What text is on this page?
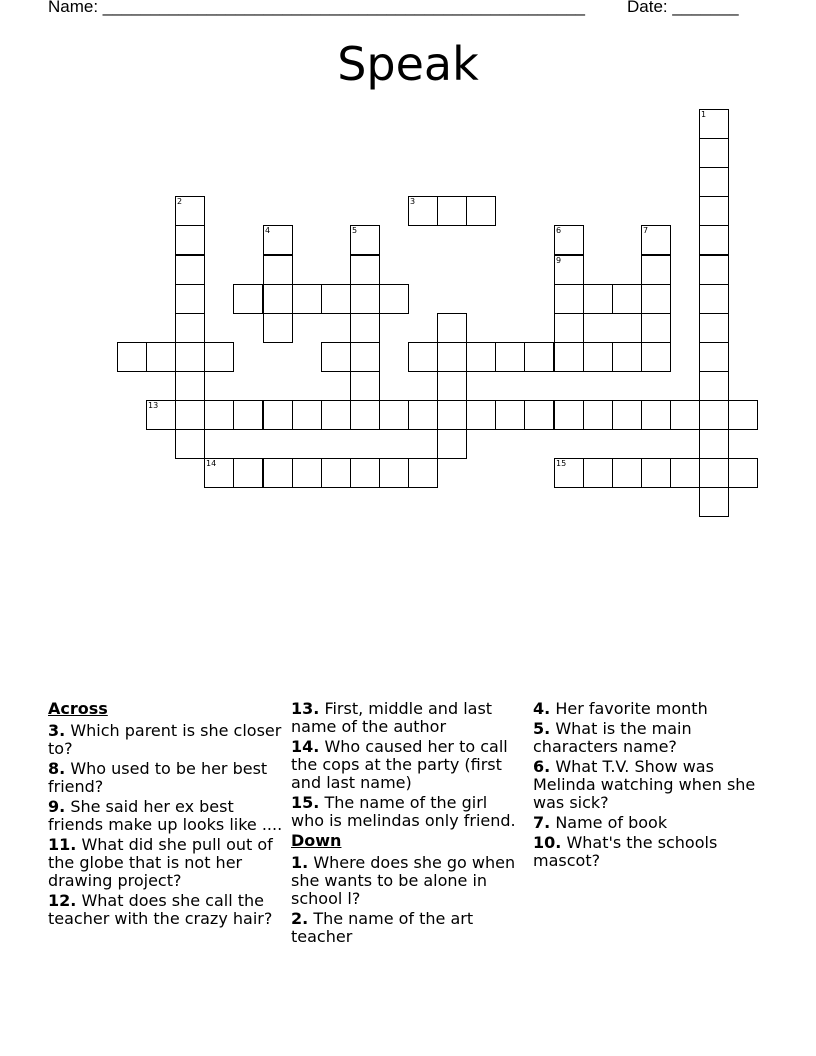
Name: ___________________________________________________ Date: _______
Speak
1
2	3
4	5	6
9
7
13
14	15
Across
3. Which parent is she closer to?
8. Who used to be her best friend?
9. She said her ex best friends make up looks like ....
11. What did she pull out of the globe that is not her drawing project?
12. What does she call the teacher with the crazy hair?
13. First, middle and last name of the author
14. Who caused her to call the cops at the party (first and last name)
15. The name of the girl who is melindas only friend.
Down
1. Where does she go when she wants to be alone in school l?
2. The name of the art teacher
4. Her favorite month
5. What is the main characters name?
6. What T.V. Show was Melinda watching when she was sick?
7. Name of book
10. What's the schools mascot?
